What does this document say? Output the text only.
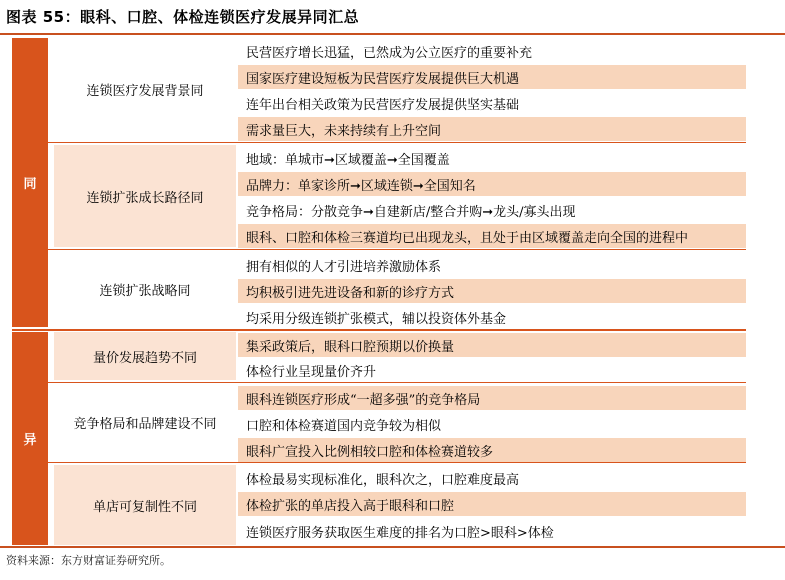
图表 55：眼科、口腔、体检连锁医疗发展异同汇总
同
异
连锁医疗发展背景同
连锁扩张成长路径同
连锁扩张战略同
量价发展趋势不同
竞争格局和品牌建设不同
单店可复制性不同
民营医疗增长迅猛，已然成为公立医疗的重要补充
国家医疗建设短板为民营医疗发展提供巨大机遇
连年出台相关政策为民营医疗发展提供坚实基础
需求量巨大，未来持续有上升空间
地域：单城市➞区域覆盖➞全国覆盖
品牌力：单家诊所➞区域连锁➞全国知名
竞争格局：分散竞争➞自建新店/整合并购➞龙头/寡头出现
眼科、口腔和体检三赛道均已出现龙头，且处于由区域覆盖走向全国的进程中
拥有相似的人才引进培养激励体系
均积极引进先进设备和新的诊疗方式
均采用分级连锁扩张模式，辅以投资体外基金
集采政策后，眼科口腔预期以价换量
体检行业呈现量价齐升
眼科连锁医疗形成“一超多强”的竞争格局
口腔和体检赛道国内竞争较为相似
眼科广宣投入比例相较口腔和体检赛道较多
体检最易实现标准化，眼科次之，口腔难度最高
体检扩张的单店投入高于眼科和口腔
连锁医疗服务获取医生难度的排名为口腔>眼科>体检
资料来源：东方财富证券研究所。
